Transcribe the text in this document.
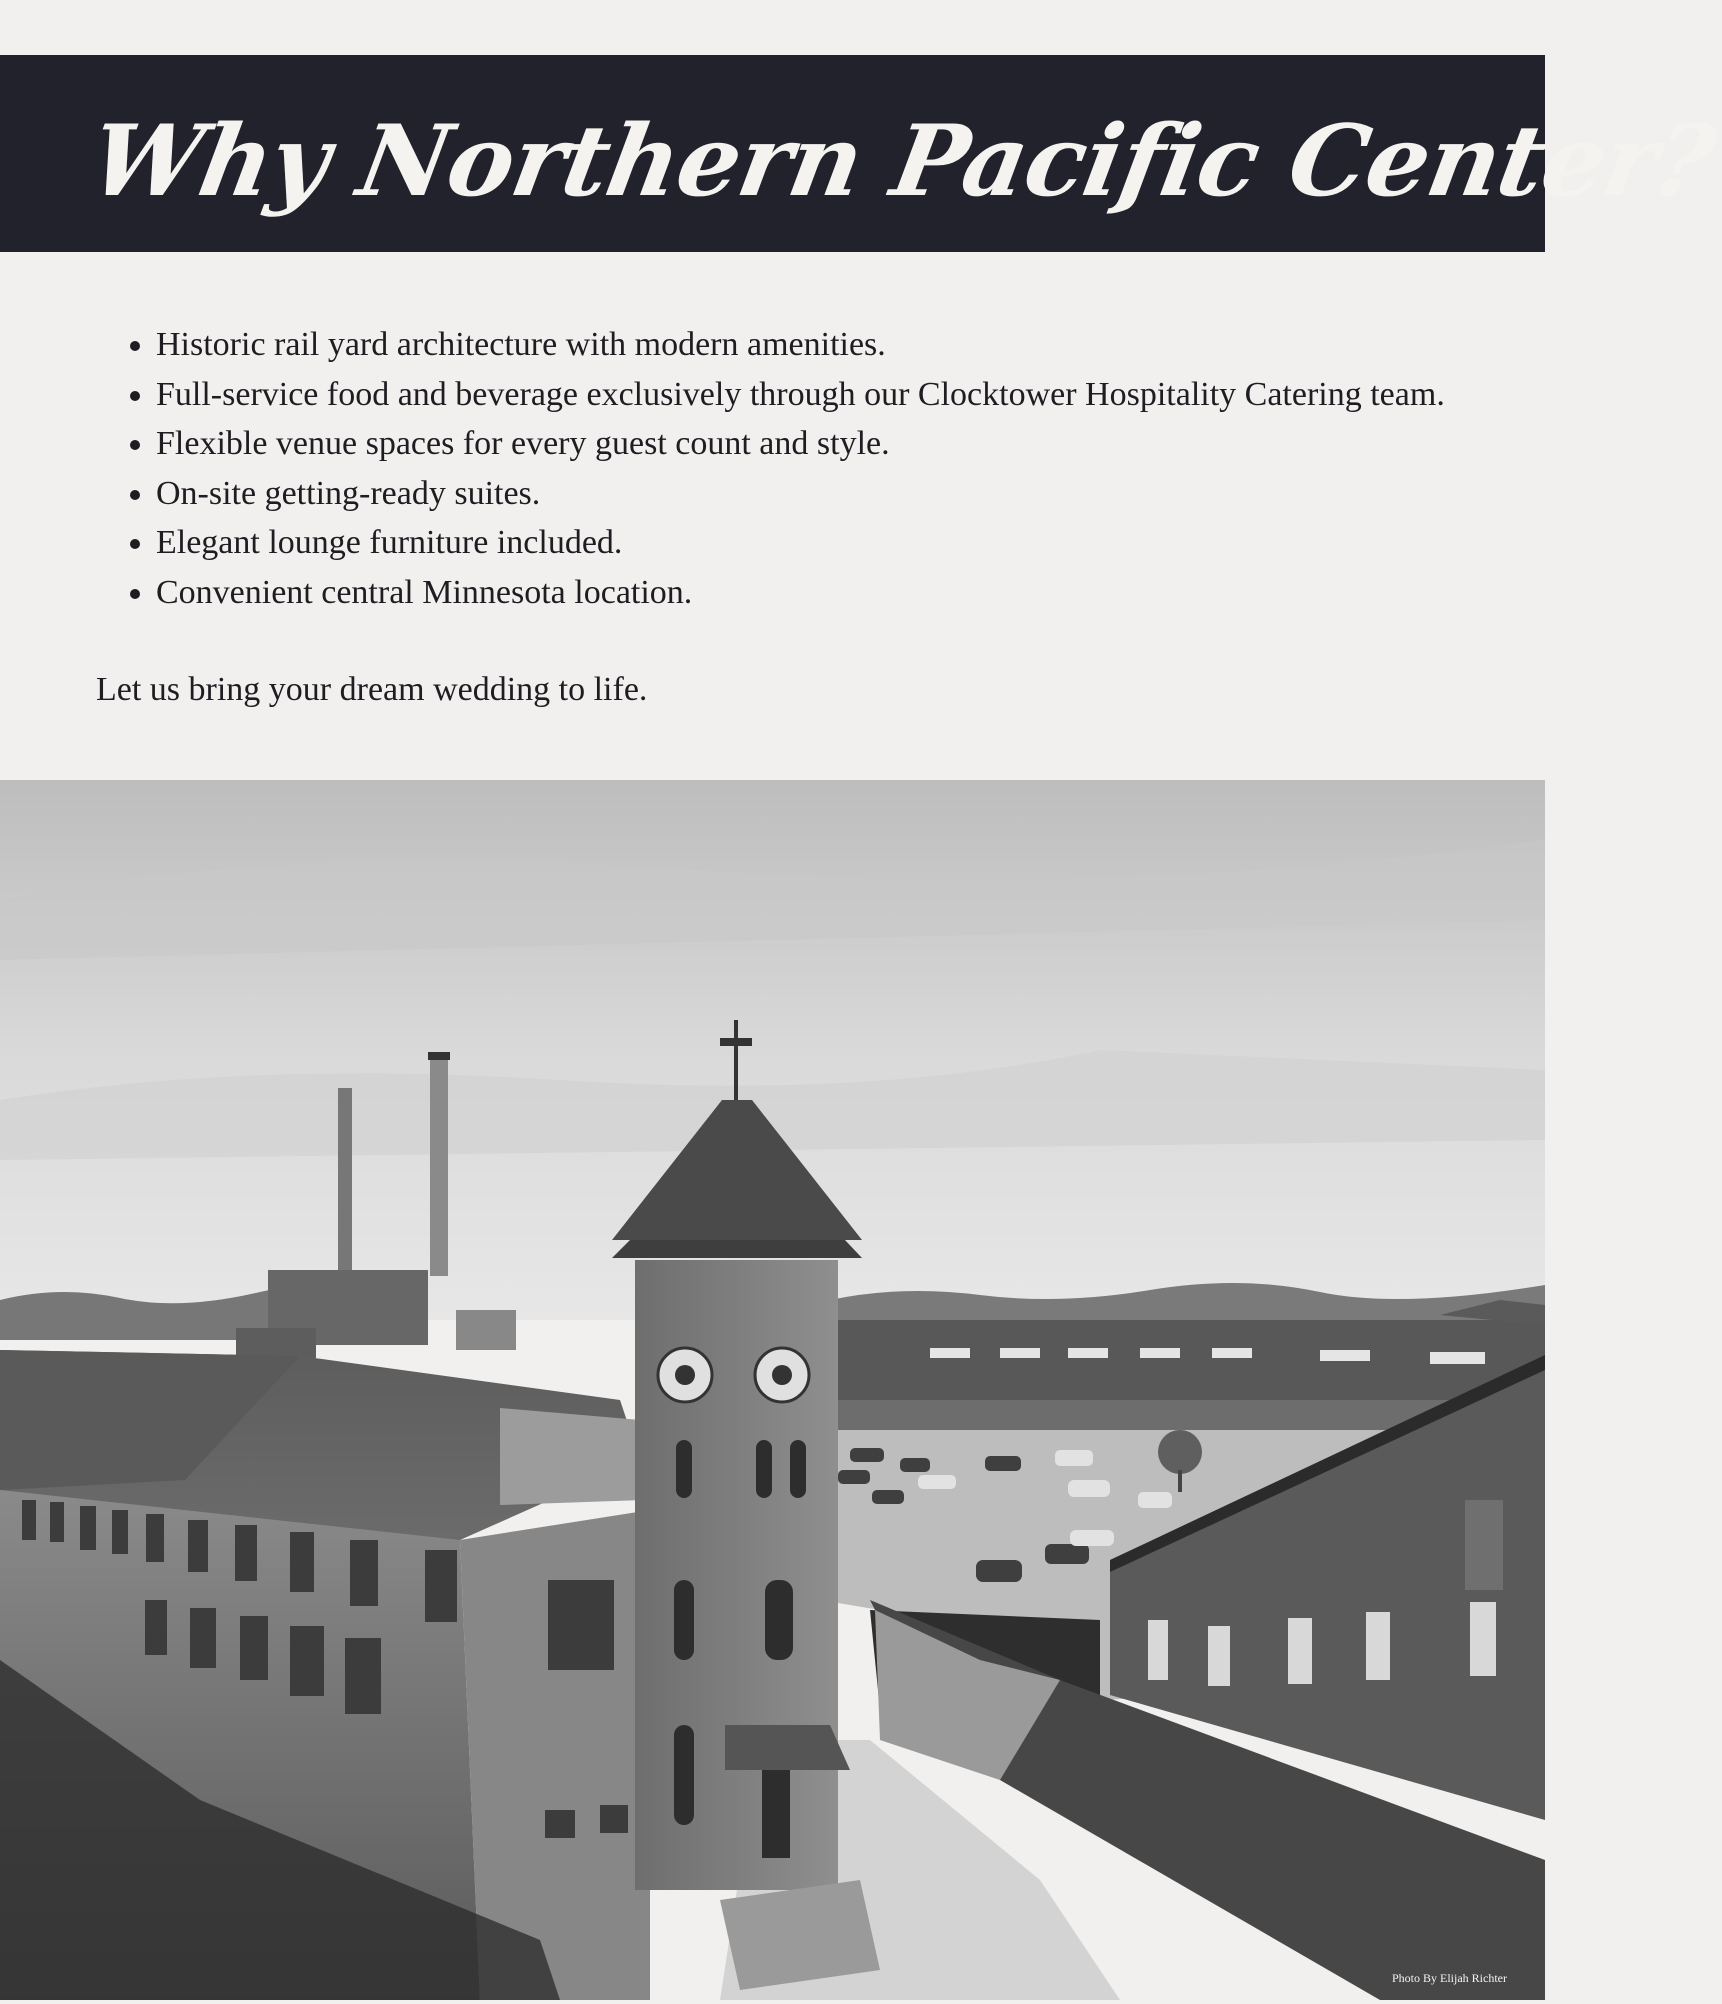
Why Northern Pacific Center?
• Historic rail yard architecture with modern amenities.
• Full-service food and beverage exclusively through our Clocktower Hospitality Catering team.
• Flexible venue spaces for every guest count and style.
• On-site getting-ready suites.
• Elegant lounge furniture included.
• Convenient central Minnesota location.

Let us bring your dream wedding to life.

Photo By Elijah Richter
